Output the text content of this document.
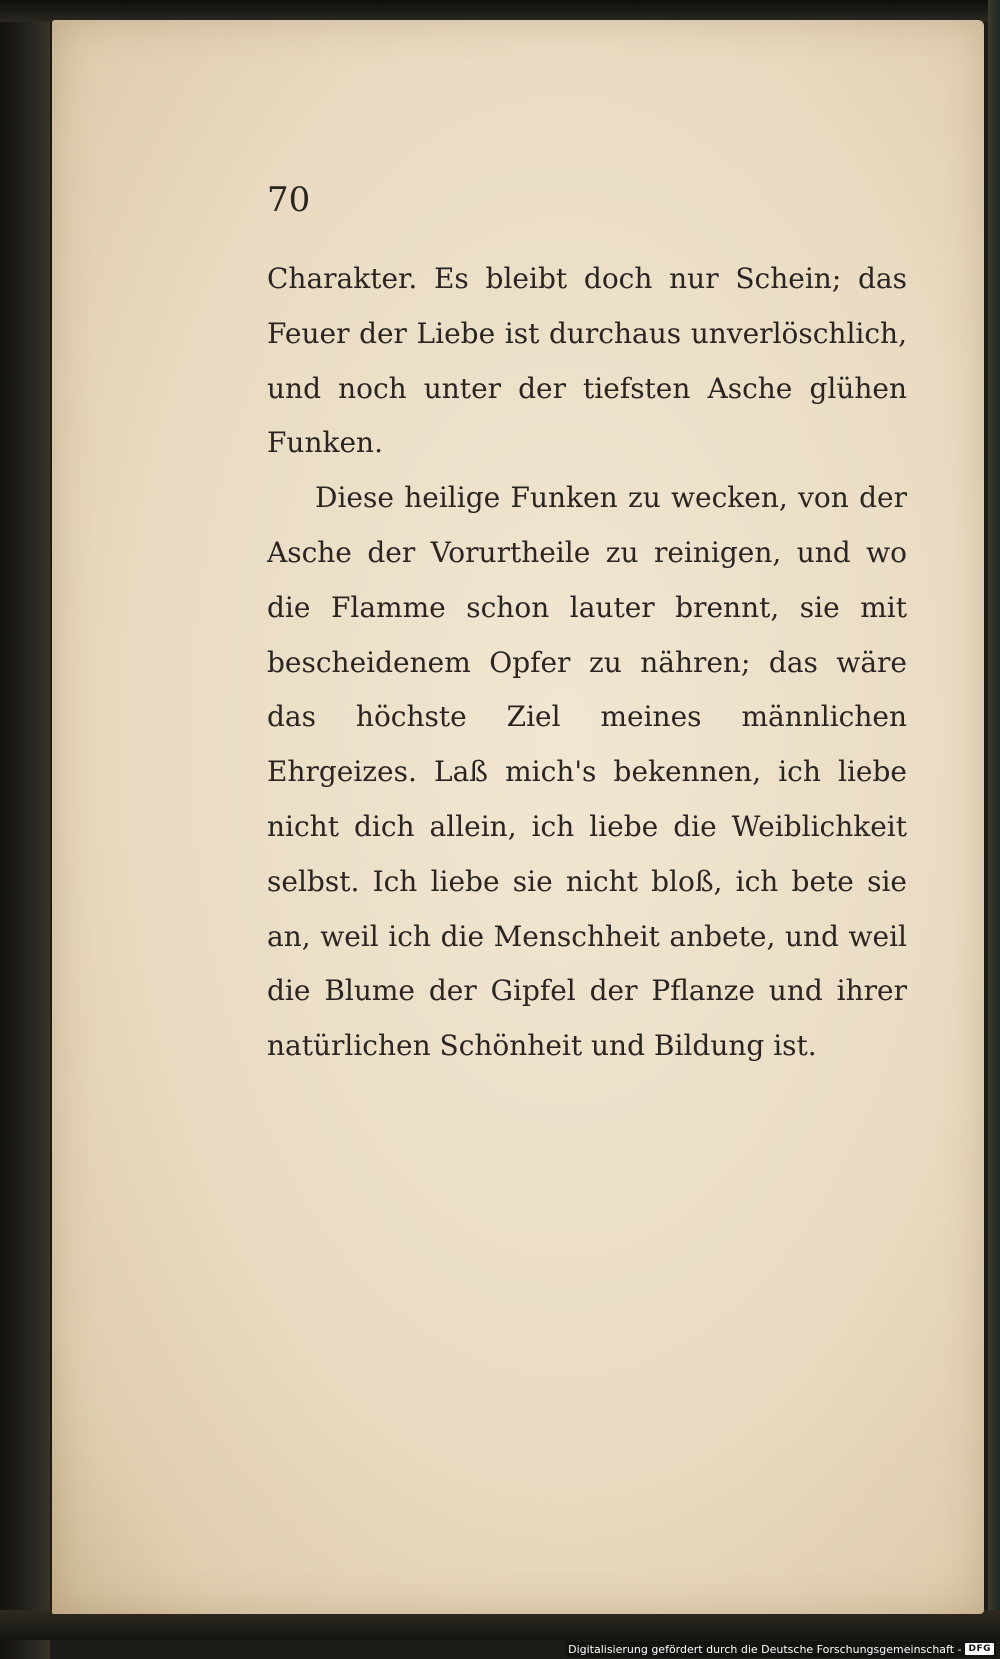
70

Charakter. Es bleibt doch nur Schein; das Feuer der Liebe ist durchaus unverlöschlich, und noch unter der tiefsten Asche glühen Funken.

Diese heilige Funken zu wecken, von der Asche der Vorurtheile zu reinigen, und wo die Flamme schon lauter brennt, sie mit bescheidenem Opfer zu nähren; das wäre das höchste Ziel meines männlichen Ehrgeizes. Laß mich's bekennen, ich liebe nicht dich allein, ich liebe die Weiblichkeit selbst. Ich liebe sie nicht bloß, ich bete sie an, weil ich die Menschheit anbete, und weil die Blume der Gipfel der Pflanze und ihrer natürlichen Schönheit und Bildung ist.

Digitalisierung gefördert durch die Deutsche Forschungsgemeinschaft - DFG
